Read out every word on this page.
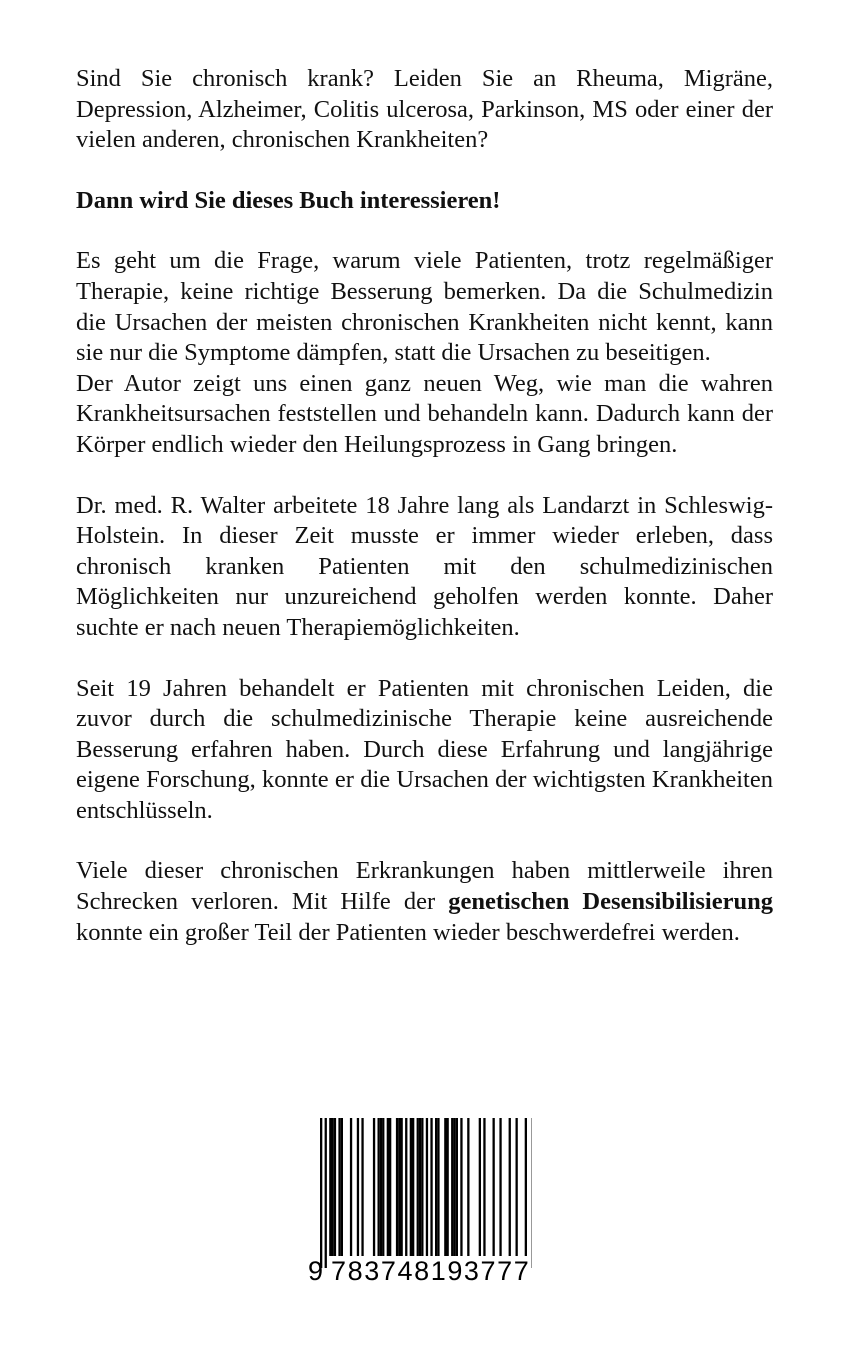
Sind Sie chronisch krank? Leiden Sie an Rheuma, Migräne, Depression, Alzheimer, Colitis ulcerosa, Parkinson, MS oder einer der vielen anderen, chronischen Krankheiten?

Dann wird Sie dieses Buch interessieren!

Es geht um die Frage, warum viele Patienten, trotz regelmäßiger Therapie, keine richtige Besserung bemerken. Da die Schulmedizin die Ursachen der meisten chronischen Krankheiten nicht kennt, kann sie nur die Symptome dämpfen, statt die Ursachen zu beseitigen.

Der Autor zeigt uns einen ganz neuen Weg, wie man die wahren Krankheitsursachen feststellen und behandeln kann. Dadurch kann der Körper endlich wieder den Heilungsprozess in Gang bringen.

Dr. med. R. Walter arbeitete 18 Jahre lang als Landarzt in Schleswig-Holstein. In dieser Zeit musste er immer wieder erleben, dass chronisch kranken Patienten mit den schulmedizinischen Möglichkeiten nur unzureichend geholfen werden konnte. Daher suchte er nach neuen Therapiemöglichkeiten.

Seit 19 Jahren behandelt er Patienten mit chronischen Leiden, die zuvor durch die schulmedizinische Therapie keine ausreichende Besserung erfahren haben. Durch diese Erfahrung und langjährige eigene Forschung, konnte er die Ursachen der wichtigsten Krankheiten entschlüsseln.

Viele dieser chronischen Erkrankungen haben mittlerweile ihren Schrecken verloren. Mit Hilfe der genetischen Desensibilisierung konnte ein großer Teil der Patienten wieder beschwerdefrei werden.

9 783748193777
